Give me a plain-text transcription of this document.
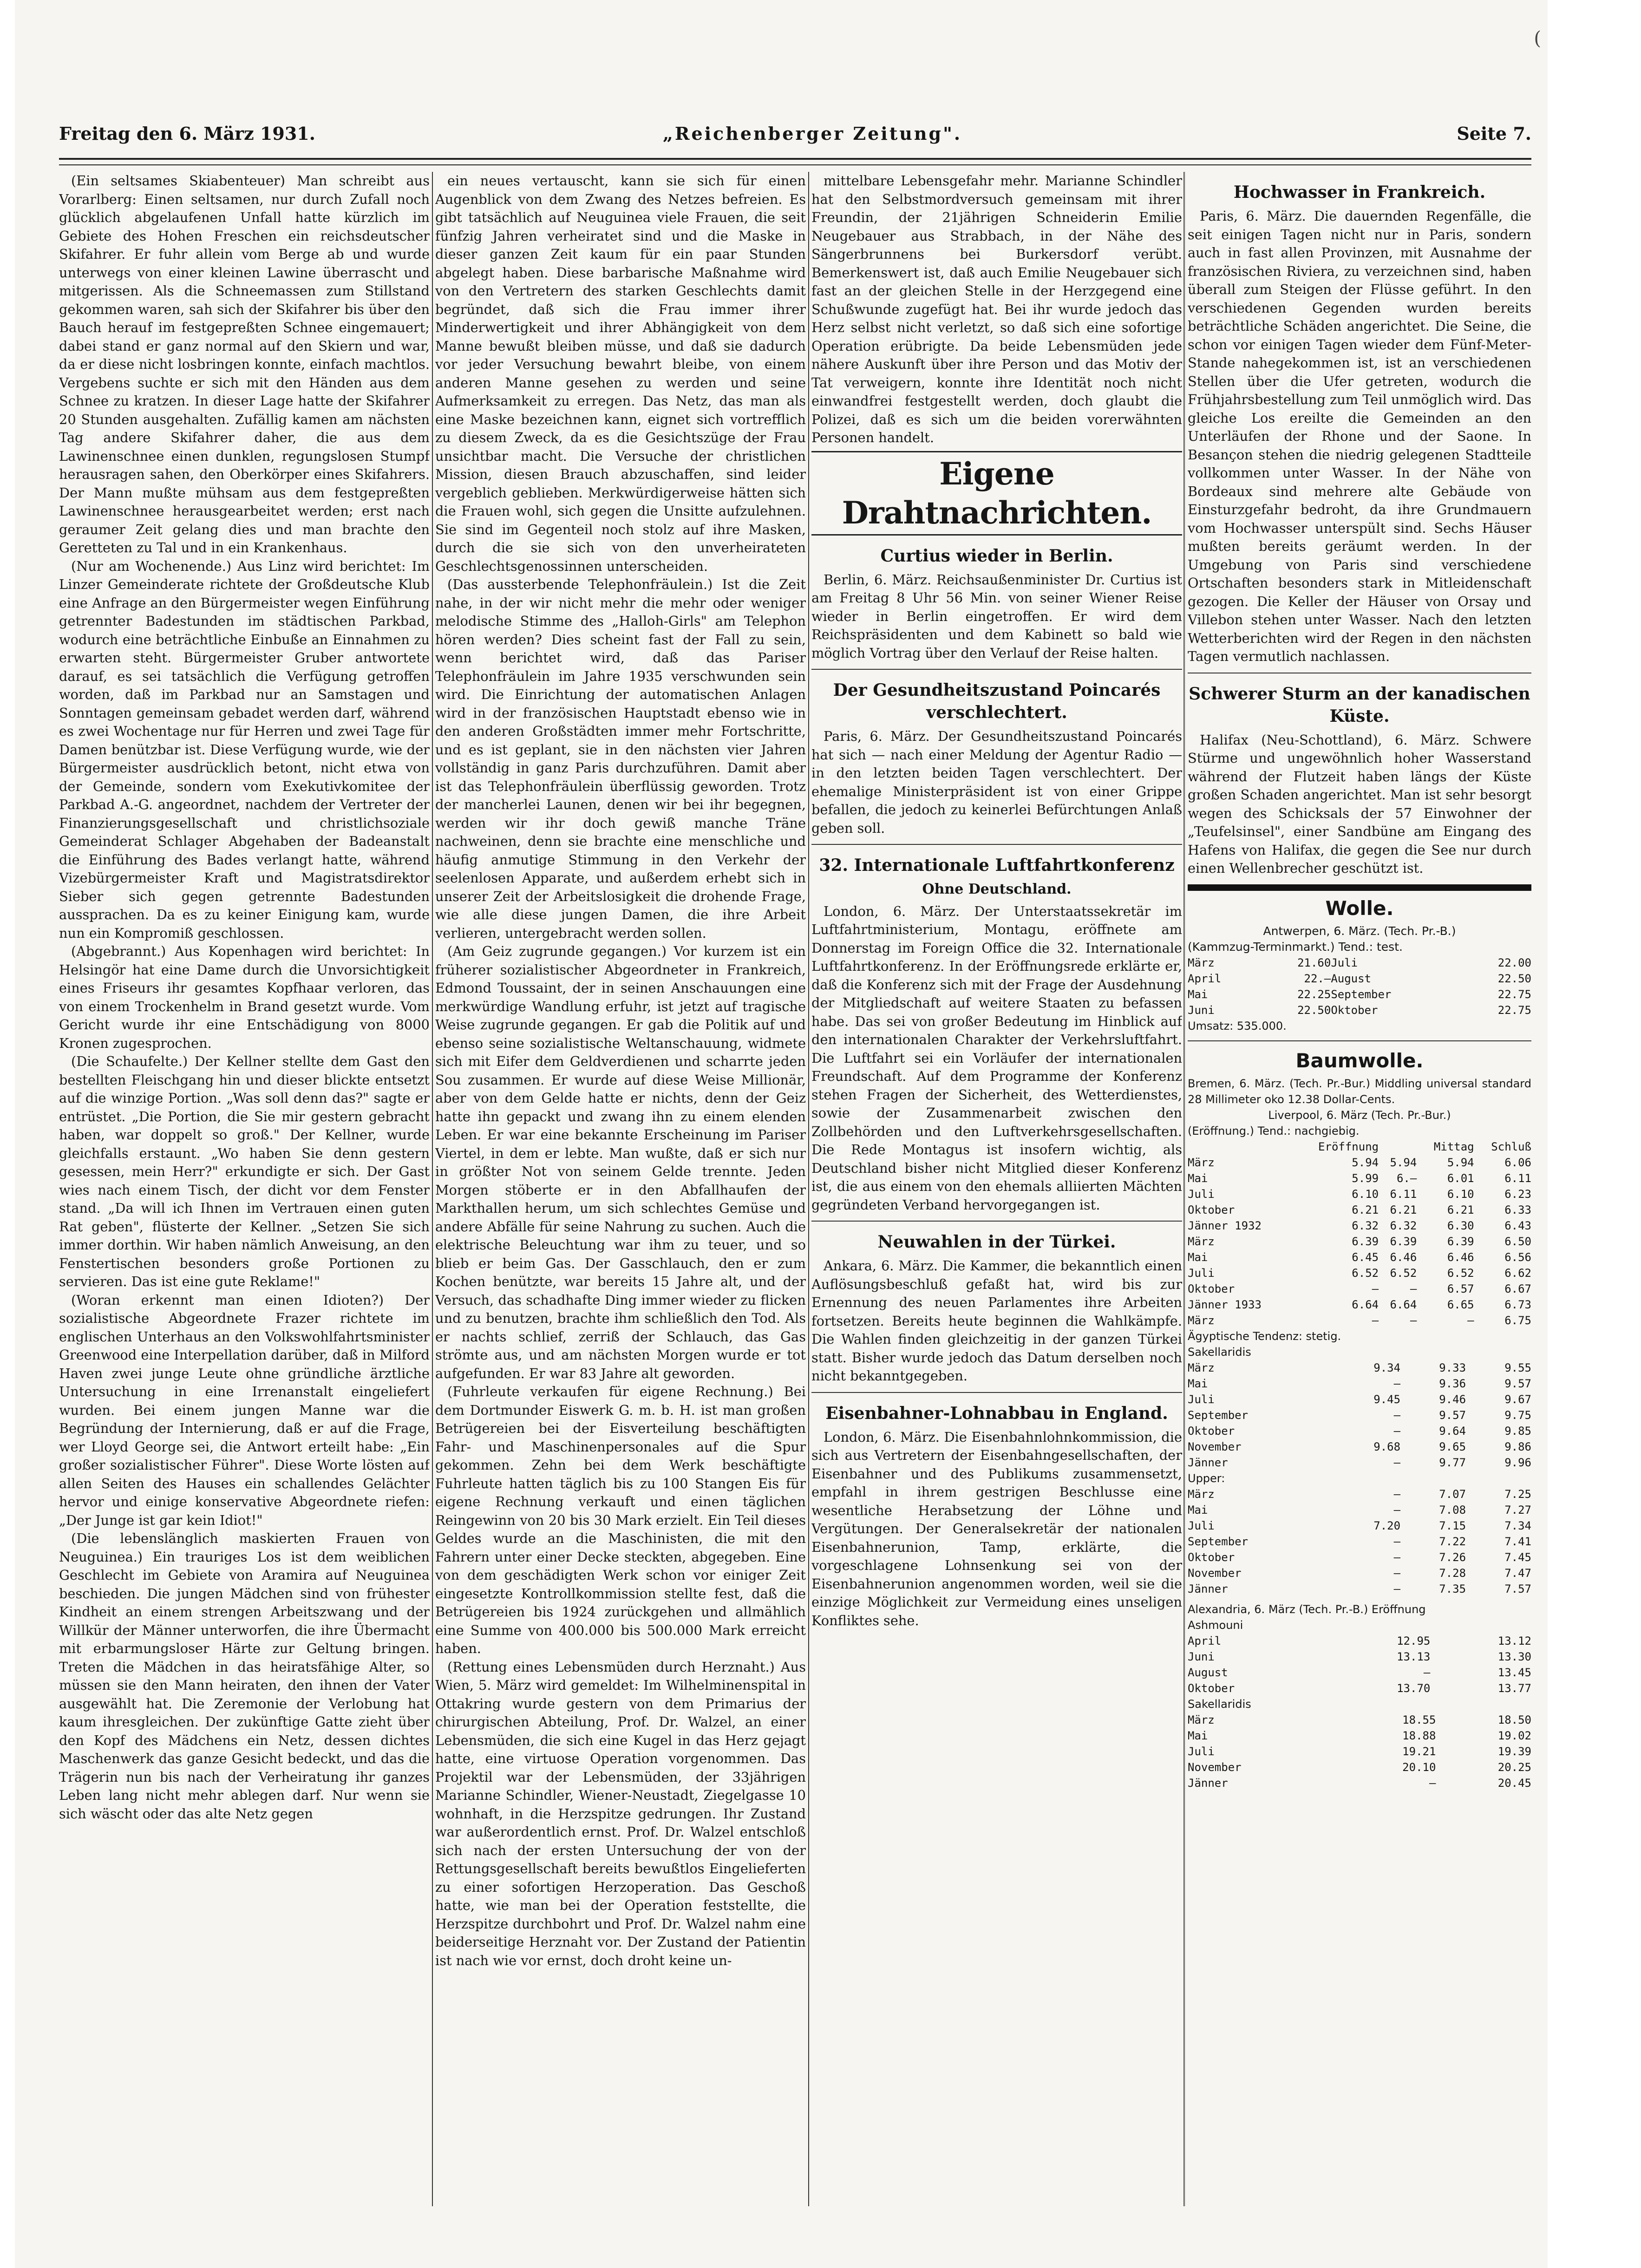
Freitag den 6. März 1931.	„Reichenberger Zeitung".	Seite 7.

(Ein seltsames Skiabenteuer) Man schreibt aus Vorarlberg: Einen seltsamen, nur durch Zufall noch glücklich abgelaufenen Unfall hatte kürzlich im Gebiete des Hohen Freschen ein reichsdeutscher Skifahrer. Er fuhr allein vom Berge ab und wurde unterwegs von einer kleinen Lawine überrascht und mitgerissen. Als die Schneemassen zum Stillstand gekommen waren, sah sich der Skifahrer bis über den Bauch herauf im festgepreßten Schnee eingemauert; dabei stand er ganz normal auf den Skiern und war, da er diese nicht losbringen konnte, einfach machtlos. Vergebens suchte er sich mit den Händen aus dem Schnee zu kratzen. In dieser Lage hatte der Skifahrer 20 Stunden ausgehalten. Zufällig kamen am nächsten Tag andere Skifahrer daher, die aus dem Lawinenschnee einen dunklen, regungslosen Stumpf herausragen sahen, den Oberkörper eines Skifahrers. Der Mann mußte mühsam aus dem festgepreßten Lawinenschnee herausgearbeitet werden; erst nach geraumer Zeit gelang dies und man brachte den Geretteten zu Tal und in ein Krankenhaus.

(Nur am Wochenende.) Aus Linz wird berichtet: Im Linzer Gemeinderate richtete der Großdeutsche Klub eine Anfrage an den Bürgermeister wegen Einführung getrennter Badestunden im städtischen Parkbad, wodurch eine beträchtliche Einbuße an Einnahmen zu erwarten steht. Bürgermeister Gruber antwortete darauf, es sei tatsächlich die Verfügung getroffen worden, daß im Parkbad nur an Samstagen und Sonntagen gemeinsam gebadet werden darf, während es zwei Wochentage nur für Herren und zwei Tage für Damen benützbar ist. Diese Verfügung wurde, wie der Bürgermeister ausdrücklich betont, nicht etwa von der Gemeinde, sondern vom Exekutivkomitee der Parkbad A.-G. angeordnet, nachdem der Vertreter der Finanzierungsgesellschaft und christlichsoziale Gemeinderat Schlager Abgehaben der Badeanstalt die Einführung des Bades verlangt hatte, während Vizebürgermeister Kraft und Magistratsdirektor Sieber sich gegen getrennte Badestunden aussprachen. Da es zu keiner Einigung kam, wurde nun ein Kompromiß geschlossen.

(Abgebrannt.) Aus Kopenhagen wird berichtet: In Helsingör hat eine Dame durch die Unvorsichtigkeit eines Friseurs ihr gesamtes Kopfhaar verloren, das von einem Trockenhelm in Brand gesetzt wurde. Vom Gericht wurde ihr eine Entschädigung von 8000 Kronen zugesprochen.

(Die Schaufelte.) Der Kellner stellte dem Gast den bestellten Fleischgang hin und dieser blickte entsetzt auf die winzige Portion. „Was soll denn das?" sagte er entrüstet. „Die Portion, die Sie mir gestern gebracht haben, war doppelt so groß." Der Kellner, wurde gleichfalls erstaunt. „Wo haben Sie denn gestern gesessen, mein Herr?" erkundigte er sich. Der Gast wies nach einem Tisch, der dicht vor dem Fenster stand. „Da will ich Ihnen im Vertrauen einen guten Rat geben", flüsterte der Kellner. „Setzen Sie sich immer dorthin. Wir haben nämlich Anweisung, an den Fenstertischen besonders große Portionen zu servieren. Das ist eine gute Reklame!"

(Woran erkennt man einen Idioten?) Der sozialistische Abgeordnete Frazer richtete im englischen Unterhaus an den Volkswohlfahrtsminister Greenwood eine Interpellation darüber, daß in Milford Haven zwei junge Leute ohne gründliche ärztliche Untersuchung in eine Irrenanstalt eingeliefert wurden. Bei einem jungen Manne war die Begründung der Internierung, daß er auf die Frage, wer Lloyd George sei, die Antwort erteilt habe: „Ein großer sozialistischer Führer". Diese Worte lösten auf allen Seiten des Hauses ein schallendes Gelächter hervor und einige konservative Abgeordnete riefen: „Der Junge ist gar kein Idiot!"

(Die lebenslänglich maskierten Frauen von Neuguinea.) Ein trauriges Los ist dem weiblichen Geschlecht im Gebiete von Aramira auf Neuguinea beschieden. Die jungen Mädchen sind von frühester Kindheit an einem strengen Arbeitszwang und der Willkür der Männer unterworfen, die ihre Übermacht mit erbarmungsloser Härte zur Geltung bringen. Treten die Mädchen in das heiratsfähige Alter, so müssen sie den Mann heiraten, den ihnen der Vater ausgewählt hat. Die Zeremonie der Verlobung hat kaum ihresgleichen. Der zukünftige Gatte zieht über den Kopf des Mädchens ein Netz, dessen dichtes Maschenwerk das ganze Gesicht bedeckt, und das die Trägerin nun bis nach der Verheiratung ihr ganzes Leben lang nicht mehr ablegen darf. Nur wenn sie sich wäscht oder das alte Netz gegen

ein neues vertauscht, kann sie sich für einen Augenblick von dem Zwang des Netzes befreien. Es gibt tatsächlich auf Neuguinea viele Frauen, die seit fünfzig Jahren verheiratet sind und die Maske in dieser ganzen Zeit kaum für ein paar Stunden abgelegt haben. Diese barbarische Maßnahme wird von den Vertretern des starken Geschlechts damit begründet, daß sich die Frau immer ihrer Minderwertigkeit und ihrer Abhängigkeit von dem Manne bewußt bleiben müsse, und daß sie dadurch vor jeder Versuchung bewahrt bleibe, von einem anderen Manne gesehen zu werden und seine Aufmerksamkeit zu erregen. Das Netz, das man als eine Maske bezeichnen kann, eignet sich vortrefflich zu diesem Zweck, da es die Gesichtszüge der Frau unsichtbar macht. Die Versuche der christlichen Mission, diesen Brauch abzuschaffen, sind leider vergeblich geblieben. Merkwürdigerweise hätten sich die Frauen wohl, sich gegen die Unsitte aufzulehnen. Sie sind im Gegenteil noch stolz auf ihre Masken, durch die sie sich von den unverheirateten Geschlechtsgenossinnen unterscheiden.

(Das aussterbende Telephonfräulein.) Ist die Zeit nahe, in der wir nicht mehr die mehr oder weniger melodische Stimme des „Halloh-Girls" am Telephon hören werden? Dies scheint fast der Fall zu sein, wenn berichtet wird, daß das Pariser Telephonfräulein im Jahre 1935 verschwunden sein wird. Die Einrichtung der automatischen Anlagen wird in der französischen Hauptstadt ebenso wie in den anderen Großstädten immer mehr Fortschritte, und es ist geplant, sie in den nächsten vier Jahren vollständig in ganz Paris durchzuführen. Damit aber ist das Telephonfräulein überflüssig geworden. Trotz der mancherlei Launen, denen wir bei ihr begegnen, werden wir ihr doch gewiß manche Träne nachweinen, denn sie brachte eine menschliche und häufig anmutige Stimmung in den Verkehr der seelenlosen Apparate, und außerdem erhebt sich in unserer Zeit der Arbeitslosigkeit die drohende Frage, wie alle diese jungen Damen, die ihre Arbeit verlieren, untergebracht werden sollen.

(Am Geiz zugrunde gegangen.) Vor kurzem ist ein früherer sozialistischer Abgeordneter in Frankreich, Edmond Toussaint, der in seinen Anschauungen eine merkwürdige Wandlung erfuhr, ist jetzt auf tragische Weise zugrunde gegangen. Er gab die Politik auf und ebenso seine sozialistische Weltanschauung, widmete sich mit Eifer dem Geldverdienen und scharrte jeden Sou zusammen. Er wurde auf diese Weise Millionär, aber von dem Gelde hatte er nichts, denn der Geiz hatte ihn gepackt und zwang ihn zu einem elenden Leben. Er war eine bekannte Erscheinung im Pariser Viertel, in dem er lebte. Man wußte, daß er sich nur in größter Not von seinem Gelde trennte. Jeden Morgen stöberte er in den Abfallhaufen der Markthallen herum, um sich schlechtes Gemüse und andere Abfälle für seine Nahrung zu suchen. Auch die elektrische Beleuchtung war ihm zu teuer, und so blieb er beim Gas. Der Gasschlauch, den er zum Kochen benützte, war bereits 15 Jahre alt, und der Versuch, das schadhafte Ding immer wieder zu flicken und zu benutzen, brachte ihm schließlich den Tod. Als er nachts schlief, zerriß der Schlauch, das Gas strömte aus, und am nächsten Morgen wurde er tot aufgefunden. Er war 83 Jahre alt geworden.

(Fuhrleute verkaufen für eigene Rechnung.) Bei dem Dortmunder Eiswerk G. m. b. H. ist man großen Betrügereien bei der Eisverteilung beschäftigten Fahr- und Maschinenpersonales auf die Spur gekommen. Zehn bei dem Werk beschäftigte Fuhrleute hatten täglich bis zu 100 Stangen Eis für eigene Rechnung verkauft und einen täglichen Reingewinn von 20 bis 30 Mark erzielt. Ein Teil dieses Geldes wurde an die Maschinisten, die mit den Fahrern unter einer Decke steckten, abgegeben. Eine von dem geschädigten Werk schon vor einiger Zeit eingesetzte Kontrollkommission stellte fest, daß die Betrügereien bis 1924 zurückgehen und allmählich eine Summe von 400.000 bis 500.000 Mark erreicht haben.

(Rettung eines Lebensmüden durch Herznaht.) Aus Wien, 5. März wird gemeldet: Im Wilhelminenspital in Ottakring wurde gestern von dem Primarius der chirurgischen Abteilung, Prof. Dr. Walzel, an einer Lebensmüden, die sich eine Kugel in das Herz gejagt hatte, eine virtuose Operation vorgenommen. Das Projektil war der Lebensmüden, der 33jährigen Marianne Schindler, Wiener-Neustadt, Ziegelgasse 10 wohnhaft, in die Herzspitze gedrungen. Ihr Zustand war außerordentlich ernst. Prof. Dr. Walzel entschloß sich nach der ersten Untersuchung der von der Rettungsgesellschaft bereits bewußtlos Eingelieferten zu einer sofortigen Herzoperation. Das Geschoß hatte, wie man bei der Operation feststellte, die Herzspitze durchbohrt und Prof. Dr. Walzel nahm eine beiderseitige Herznaht vor. Der Zustand der Patientin ist nach wie vor ernst, doch droht keine un-

mittelbare Lebensgefahr mehr. Marianne Schindler hat den Selbstmordversuch gemeinsam mit ihrer Freundin, der 21jährigen Schneiderin Emilie Neugebauer aus Strabbach, in der Nähe des Sängerbrunnens bei Burkersdorf verübt. Bemerkenswert ist, daß auch Emilie Neugebauer sich fast an der gleichen Stelle in der Herzgegend eine Schußwunde zugefügt hat. Bei ihr wurde jedoch das Herz selbst nicht verletzt, so daß sich eine sofortige Operation erübrigte. Da beide Lebensmüden jede nähere Auskunft über ihre Person und das Motiv der Tat verweigern, konnte ihre Identität noch nicht einwandfrei festgestellt werden, doch glaubt die Polizei, daß es sich um die beiden vorerwähnten Personen handelt.

Eigene Drahtnachrichten.
Curtius wieder in Berlin.

Berlin, 6. März. Reichsaußenminister Dr. Curtius ist am Freitag 8 Uhr 56 Min. von seiner Wiener Reise wieder in Berlin eingetroffen. Er wird dem Reichspräsidenten und dem Kabinett so bald wie möglich Vortrag über den Verlauf der Reise halten.

Der Gesundheitszustand Poincarés verschlechtert.

Paris, 6. März. Der Gesundheitszustand Poincarés hat sich — nach einer Meldung der Agentur Radio — in den letzten beiden Tagen verschlechtert. Der ehemalige Ministerpräsident ist von einer Grippe befallen, die jedoch zu keinerlei Befürchtungen Anlaß geben soll.

32. Internationale Luftfahrtkonferenz
Ohne Deutschland.

London, 6. März. Der Unterstaatssekretär im Luftfahrtministerium, Montagu, eröffnete am Donnerstag im Foreign Office die 32. Internationale Luftfahrtkonferenz. In der Eröffnungsrede erklärte er, daß die Konferenz sich mit der Frage der Ausdehnung der Mitgliedschaft auf weitere Staaten zu befassen habe. Das sei von großer Bedeutung im Hinblick auf den internationalen Charakter der Verkehrsluftfahrt. Die Luftfahrt sei ein Vorläufer der internationalen Freundschaft. Auf dem Programme der Konferenz stehen Fragen der Sicherheit, des Wetterdienstes, sowie der Zusammenarbeit zwischen den Zollbehörden und den Luftverkehrsgesellschaften. Die Rede Montagus ist insofern wichtig, als Deutschland bisher nicht Mitglied dieser Konferenz ist, die aus einem von den ehemals alliierten Mächten gegründeten Verband hervorgegangen ist.

Neuwahlen in der Türkei.

Ankara, 6. März. Die Kammer, die bekanntlich einen Auflösungsbeschluß gefaßt hat, wird bis zur Ernennung des neuen Parlamentes ihre Arbeiten fortsetzen. Bereits heute beginnen die Wahlkämpfe. Die Wahlen finden gleichzeitig in der ganzen Türkei statt. Bisher wurde jedoch das Datum derselben noch nicht bekanntgegeben.

Eisenbahner-Lohnabbau in England.

London, 6. März. Die Eisenbahnlohnkommission, die sich aus Vertretern der Eisenbahngesellschaften, der Eisenbahner und des Publikums zusammensetzt, empfahl in ihrem gestrigen Beschlusse eine wesentliche Herabsetzung der Löhne und Vergütungen. Der Generalsekretär der nationalen Eisenbahnerunion, Tamp, erklärte, die vorgeschlagene Lohnsenkung sei von der Eisenbahnerunion angenommen worden, weil sie die einzige Möglichkeit zur Vermeidung eines unseligen Konfliktes sehe.

Hochwasser in Frankreich.

Paris, 6. März. Die dauernden Regenfälle, die seit einigen Tagen nicht nur in Paris, sondern auch in fast allen Provinzen, mit Ausnahme der französischen Riviera, zu verzeichnen sind, haben überall zum Steigen der Flüsse geführt. In den verschiedenen Gegenden wurden bereits beträchtliche Schäden angerichtet. Die Seine, die schon vor einigen Tagen wieder dem Fünf-Meter-Stande nahegekommen ist, ist an verschiedenen Stellen über die Ufer getreten, wodurch die Frühjahrsbestellung zum Teil unmöglich wird. Das gleiche Los ereilte die Gemeinden an den Unterläufen der Rhone und der Saone. In Besançon stehen die niedrig gelegenen Stadtteile vollkommen unter Wasser. In der Nähe von Bordeaux sind mehrere alte Gebäude von Einsturzgefahr bedroht, da ihre Grundmauern vom Hochwasser unterspült sind. Sechs Häuser mußten bereits geräumt werden. In der Umgebung von Paris sind verschiedene Ortschaften besonders stark in Mitleidenschaft gezogen. Die Keller der Häuser von Orsay und Villebon stehen unter Wasser. Nach den letzten Wetterberichten wird der Regen in den nächsten Tagen vermutlich nachlassen.

Schwerer Sturm an der kanadischen Küste.

Halifax (Neu-Schottland), 6. März. Schwere Stürme und ungewöhnlich hoher Wasserstand während der Flutzeit haben längs der Küste großen Schaden angerichtet. Man ist sehr besorgt wegen des Schicksals der 57 Einwohner der „Teufelsinsel", einer Sandbüne am Eingang des Hafens von Halifax, die gegen die See nur durch einen Wellenbrecher geschützt ist.

Wolle.
Antwerpen, 6. März. (Tech. Pr.-B.)
(Kammzug-Terminmarkt.) Tend.: test.
März	21.60	Juli	22.00
April	22.—	August	22.50
Mai	22.25	September	22.75
Juni	22.50	Oktober	22.75
Umsatz: 535.000.
Baumwolle.
Bremen, 6. März. (Tech. Pr.-Bur.) Middling universal standard 28 Millimeter oko 12.38 Dollar-Cents.
Liverpool, 6. März (Tech. Pr.-Bur.)
(Eröffnung.) Tend.: nachgiebig.
	Eröffnung		Mittag	Schluß
März	5.94	5.94	5.94	6.06
Mai	5.99	6.—	6.01	6.11
Juli	6.10	6.11	6.10	6.23
Oktober	6.21	6.21	6.21	6.33
Jänner 1932	6.32	6.32	6.30	6.43
März	6.39	6.39	6.39	6.50
Mai	6.45	6.46	6.46	6.56
Juli	6.52	6.52	6.52	6.62
Oktober	—	—	6.57	6.67
Jänner 1933	6.64	6.64	6.65	6.73
März	—	—	—	6.75
Ägyptische Tendenz: stetig.
Sakellaridis
März	9.34	9.33	9.55
Mai	—	9.36	9.57
Juli	9.45	9.46	9.67
September	—	9.57	9.75
Oktober	—	9.64	9.85
November	9.68	9.65	9.86
Jänner	—	9.77	9.96
Upper:
März	—	7.07	7.25
Mai	—	7.08	7.27
Juli	7.20	7.15	7.34
September	—	7.22	7.41
Oktober	—	7.26	7.45
November	—	7.28	7.47
Jänner	—	7.35	7.57
Alexandria, 6. März (Tech. Pr.-B.) Eröffnung
Ashmouni
April	12.95	13.12
Juni	13.13	13.30
August	—	13.45
Oktober	13.70	13.77
Sakellaridis
März	18.55	18.50
Mai	18.88	19.02
Juli	19.21	19.39
November	20.10	20.25
Jänner	—	20.45
(
